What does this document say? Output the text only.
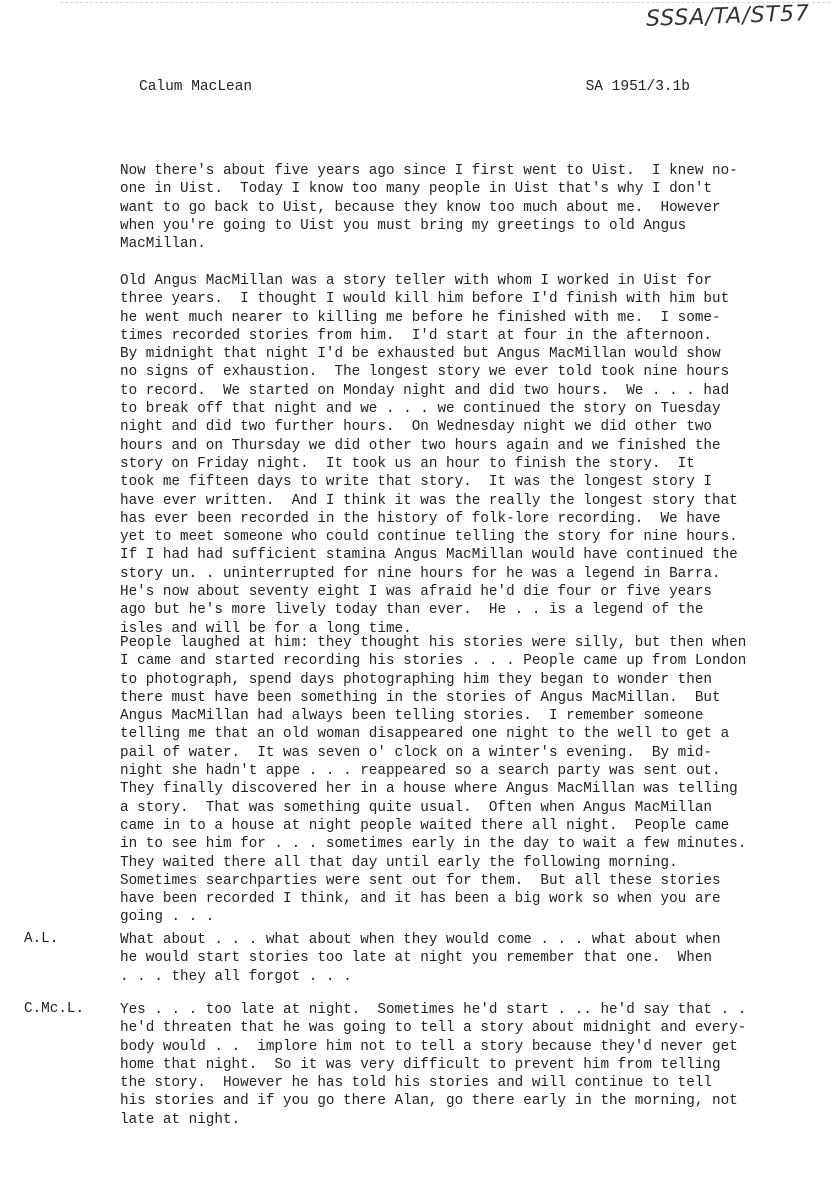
SSSA/TA/ST57
Calum MacLean	SA 1951/3.1b
Now there's about five years ago since I first went to Uist.  I knew no-
one in Uist.  Today I know too many people in Uist that's why I don't
want to go back to Uist, because they know too much about me.  However
when you're going to Uist you must bring my greetings to old Angus
MacMillan.
Old Angus MacMillan was a story teller with whom I worked in Uist for
three years.  I thought I would kill him before I'd finish with him but
he went much nearer to killing me before he finished with me.  I some-
times recorded stories from him.  I'd start at four in the afternoon.
By midnight that night I'd be exhausted but Angus MacMillan would show
no signs of exhaustion.  The longest story we ever told took nine hours
to record.  We started on Monday night and did two hours.  We . . . had
to break off that night and we . . . we continued the story on Tuesday
night and did two further hours.  On Wednesday night we did other two
hours and on Thursday we did other two hours again and we finished the
story on Friday night.  It took us an hour to finish the story.  It
took me fifteen days to write that story.  It was the longest story I
have ever written.  And I think it was the really the longest story that
has ever been recorded in the history of folk-lore recording.  We have
yet to meet someone who could continue telling the story for nine hours.
If I had had sufficient stamina Angus MacMillan would have continued the
story un. . uninterrupted for nine hours for he was a legend in Barra.
He's now about seventy eight I was afraid he'd die four or five years
ago but he's more lively today than ever.  He . . is a legend of the
isles and will be for a long time.
People laughed at him: they thought his stories were silly, but then when
I came and started recording his stories . . . People came up from London
to photograph, spend days photographing him they began to wonder then
there must have been something in the stories of Angus MacMillan.  But
Angus MacMillan had always been telling stories.  I remember someone
telling me that an old woman disappeared one night to the well to get a
pail of water.  It was seven o' clock on a winter's evening.  By mid-
night she hadn't appe . . . reappeared so a search party was sent out.
They finally discovered her in a house where Angus MacMillan was telling
a story.  That was something quite usual.  Often when Angus MacMillan
came in to a house at night people waited there all night.  People came
in to see him for . . . sometimes early in the day to wait a few minutes.
They waited there all that day until early the following morning.
Sometimes searchparties were sent out for them.  But all these stories
have been recorded I think, and it has been a big work so when you are
going . . .
A.L.	What about . . . what about when they would come . . . what about when
he would start stories too late at night you remember that one.  When
. . . they all forgot . . .
C.Mc.L.	Yes . . . too late at night.  Sometimes he'd start . .. he'd say that . .
he'd threaten that he was going to tell a story about midnight and every-
body would . .  implore him not to tell a story because they'd never get
home that night.  So it was very difficult to prevent him from telling
the story.  However he has told his stories and will continue to tell
his stories and if you go there Alan, go there early in the morning, not
late at night.
